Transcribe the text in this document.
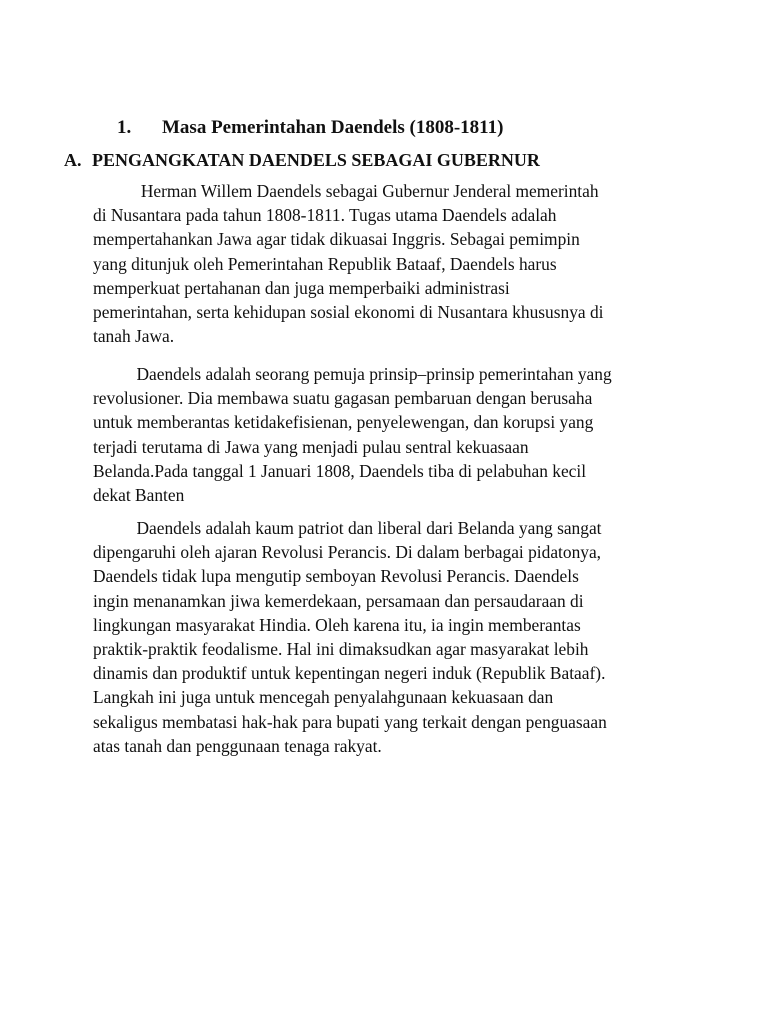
1. Masa Pemerintahan Daendels (1808-1811)
A. PENGANGKATAN DAENDELS SEBAGAI GUBERNUR

Herman Willem Daendels sebagai Gubernur Jenderal memerintah
di Nusantara pada tahun 1808-1811. Tugas utama Daendels adalah
mempertahankan Jawa agar tidak dikuasai Inggris. Sebagai pemimpin
yang ditunjuk oleh Pemerintahan Republik Bataaf, Daendels harus
memperkuat pertahanan dan juga memperbaiki administrasi
pemerintahan, serta kehidupan sosial ekonomi di Nusantara khususnya di
tanah Jawa.

Daendels adalah seorang pemuja prinsip–prinsip pemerintahan yang
revolusioner. Dia membawa suatu gagasan pembaruan dengan berusaha
untuk memberantas ketidakefisienan, penyelewengan, dan korupsi yang
terjadi terutama di Jawa yang menjadi pulau sentral kekuasaan
Belanda.Pada tanggal 1 Januari 1808, Daendels tiba di pelabuhan kecil
dekat Banten

Daendels adalah kaum patriot dan liberal dari Belanda yang sangat
dipengaruhi oleh ajaran Revolusi Perancis. Di dalam berbagai pidatonya,
Daendels tidak lupa mengutip semboyan Revolusi Perancis. Daendels
ingin menanamkan jiwa kemerdekaan, persamaan dan persaudaraan di
lingkungan masyarakat Hindia. Oleh karena itu, ia ingin memberantas
praktik-praktik feodalisme. Hal ini dimaksudkan agar masyarakat lebih
dinamis dan produktif untuk kepentingan negeri induk (Republik Bataaf).
Langkah ini juga untuk mencegah penyalahgunaan kekuasaan dan
sekaligus membatasi hak-hak para bupati yang terkait dengan penguasaan
atas tanah dan penggunaan tenaga rakyat.
